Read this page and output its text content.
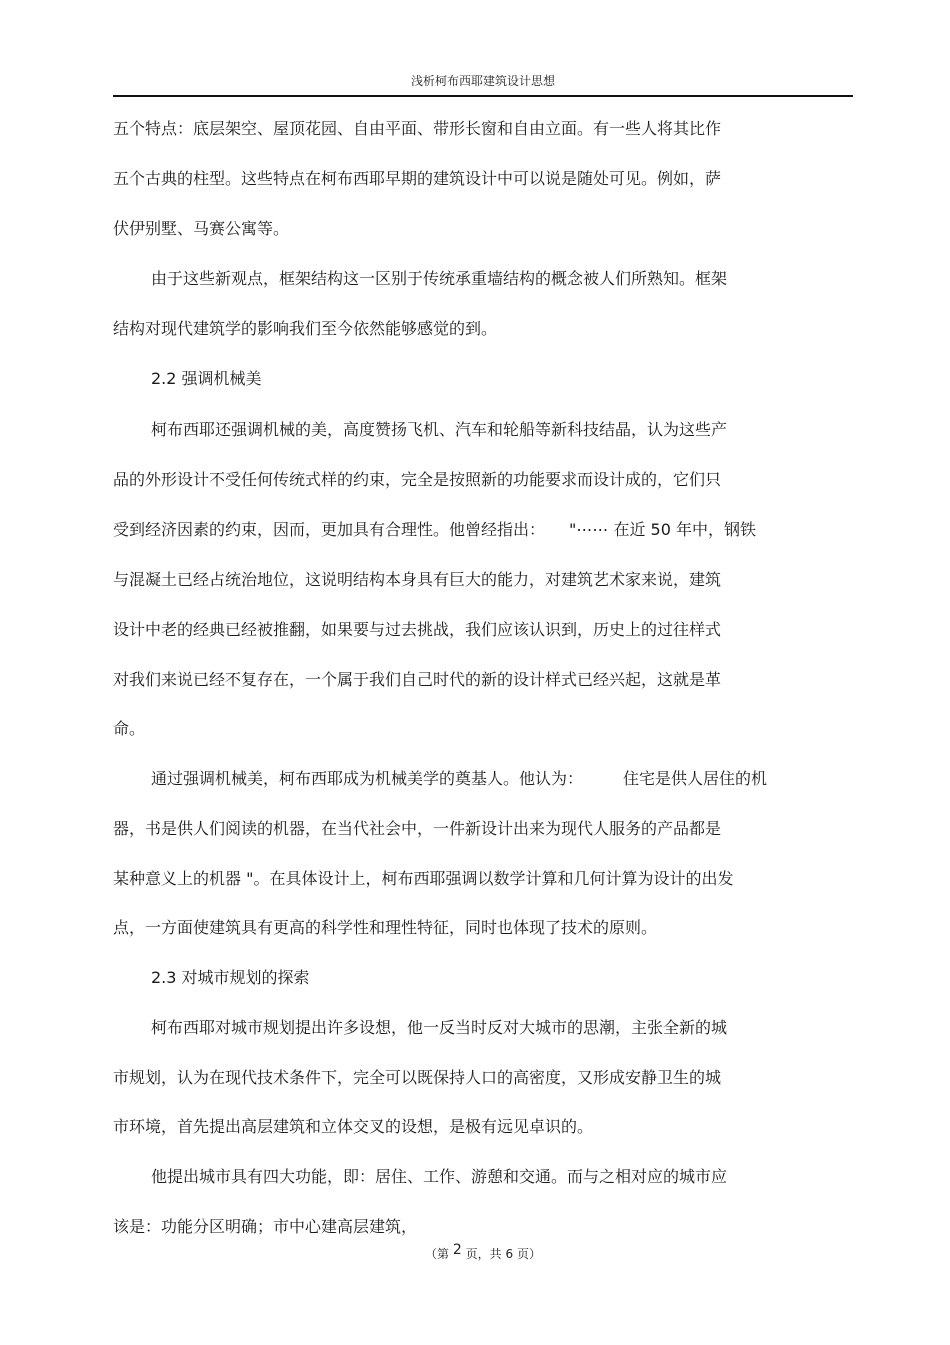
浅析柯布西耶建筑设计思想
五个特点：底层架空、屋顶花园、自由平面、带形长窗和自由立面。有一些人将其比作
五个古典的柱型。这些特点在柯布西耶早期的建筑设计中可以说是随处可见。例如，萨
伏伊别墅、马赛公寓等。
由于这些新观点，框架结构这一区别于传统承重墙结构的概念被人们所熟知。框架
结构对现代建筑学的影响我们至今依然能够感觉的到。
2.2 强调机械美
柯布西耶还强调机械的美，高度赞扬飞机、汽车和轮船等新科技结晶，认为这些产
品的外形设计不受任何传统式样的约束，完全是按照新的功能要求而设计成的，它们只
受到经济因素的约束，因而，更加具有合理性。他曾经指出：　　"⋯⋯ 在近 50 年中，钢铁
与混凝土已经占统治地位，这说明结构本身具有巨大的能力，对建筑艺术家来说，建筑
设计中老的经典已经被推翻，如果要与过去挑战，我们应该认识到，历史上的过往样式
对我们来说已经不复存在，一个属于我们自己时代的新的设计样式已经兴起，这就是革
命。
通过强调机械美，柯布西耶成为机械美学的奠基人。他认为：　　　住宅是供人居住的机
器，书是供人们阅读的机器，在当代社会中，一件新设计出来为现代人服务的产品都是
某种意义上的机器 "。在具体设计上，柯布西耶强调以数学计算和几何计算为设计的出发
点，一方面使建筑具有更高的科学性和理性特征，同时也体现了技术的原则。
2.3 对城市规划的探索
柯布西耶对城市规划提出许多设想，他一反当时反对大城市的思潮，主张全新的城
市规划，认为在现代技术条件下，完全可以既保持人口的高密度，又形成安静卫生的城
市环境，首先提出高层建筑和立体交叉的设想，是极有远见卓识的。
他提出城市具有四大功能，即：居住、工作、游憩和交通。而与之相对应的城市应
该是：功能分区明确；市中心建高层建筑，
（第 2 页，共 6 页）
